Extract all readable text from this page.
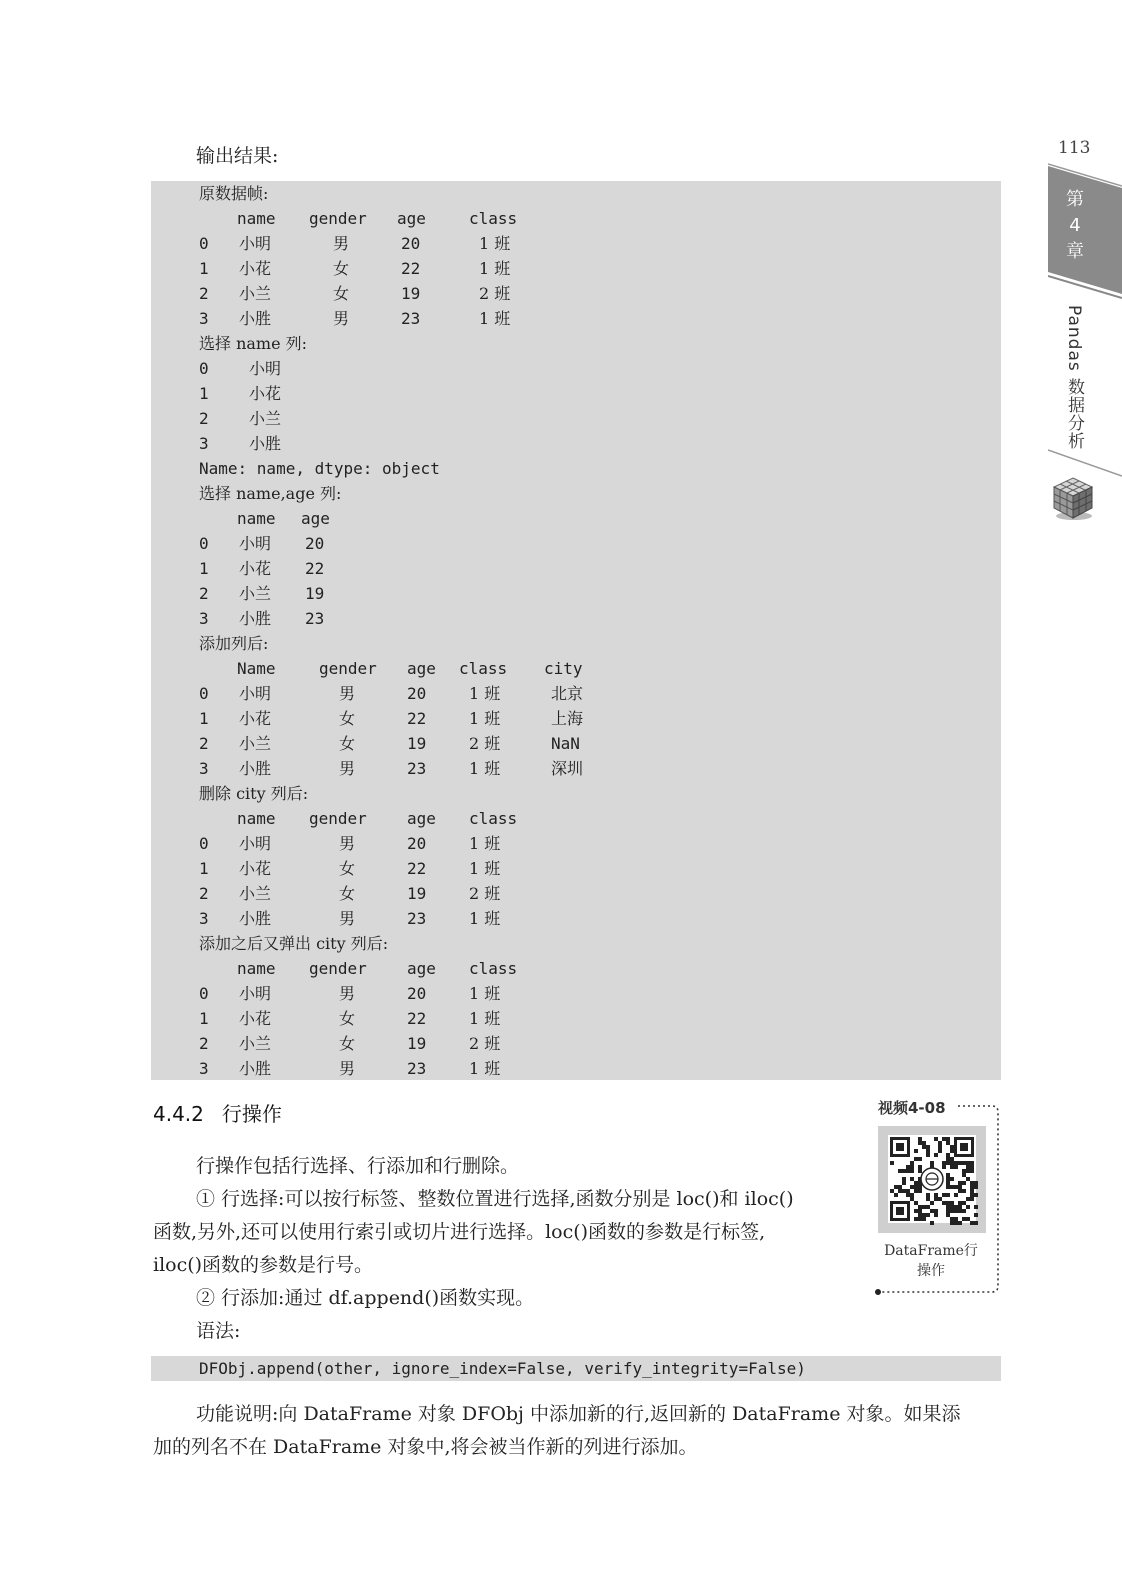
输出结果:
原数据帧:
name gender age	class
0 小明	男	20	1 班
1 小花	女	22	1 班
2 小兰	女	19	2 班
3 小胜	男	23	1 班
选择 name 列:
0	小明
1	小花
2	小兰
3	小胜
Name: name, dtype: object
选择 name,age 列:
name age
0 小明 20
1 小花 22
2 小兰 19
3 小胜 23
添加列后:
Name	gender age class city
0 小明	男	20	1 班	北京
1 小花	女	22	1 班	上海
2 小兰	女	19	2 班	NaN
3 小胜	男	23	1 班	深圳
删除 city 列后:
name gender	age class
0 小明	男	20	1 班
1 小花	女	22	1 班
2 小兰	女	19	2 班
3 小胜	男	23	1 班
添加之后又弹出 city 列后:
name gender	age class
0 小明	男	20	1 班
1 小花	女	22	1 班
2 小兰	女	19	2 班
3 小胜	男	23	1 班
4.4.2 行操作
行操作包括行选择、行添加和行删除。
① 行选择:可以按行标签、整数位置进行选择,函数分别是 loc()和 iloc()
函数,另外,还可以使用行索引或切片进行选择。loc()函数的参数是行标签,
iloc()函数的参数是行号。
② 行添加:通过 df.append()函数实现。
语法:
DFObj.append(other, ignore_index=False, verify_integrity=False)
功能说明:向 DataFrame 对象 DFObj 中添加新的行,返回新的 DataFrame 对象。如果添
加的列名不在 DataFrame 对象中,将会被当作新的列进行添加。
113
第
4
章
Pandas 数据分析
视频4-08
DataFrame行
操作
